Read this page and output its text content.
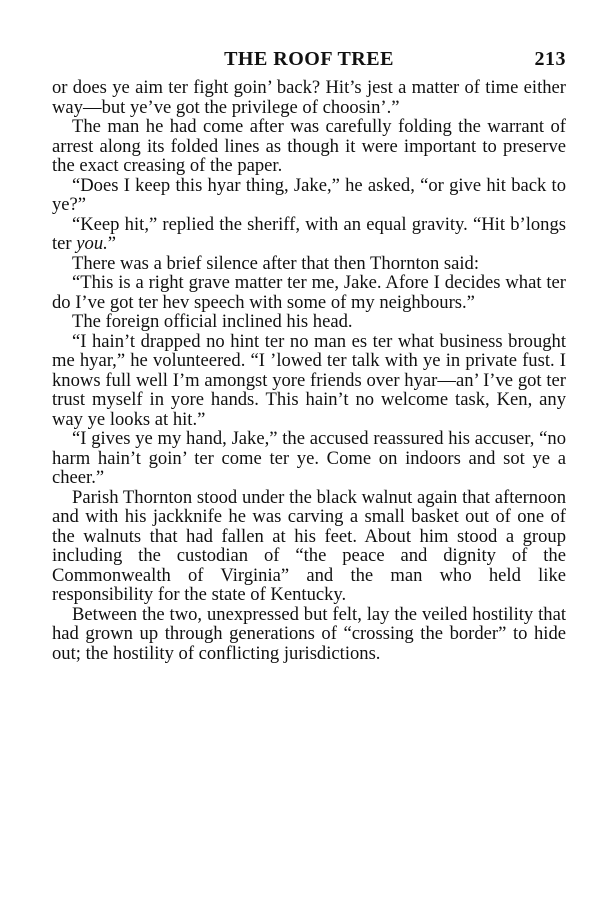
THE ROOF TREE	213

or does ye aim ter fight goin’ back? Hit’s jest a matter of time either way—but ye’ve got the privilege of choosin’.”

The man he had come after was carefully folding the warrant of arrest along its folded lines as though it were important to preserve the exact creasing of the paper.

“Does I keep this hyar thing, Jake,” he asked, “or give hit back to ye?”

“Keep hit,” replied the sheriff, with an equal gravity. “Hit b’longs ter you.”

There was a brief silence after that then Thornton said:

“This is a right grave matter ter me, Jake. Afore I decides what ter do I’ve got ter hev speech with some of my neighbours.”

The foreign official inclined his head.

“I hain’t drapped no hint ter no man es ter what business brought me hyar,” he volunteered. “I ’lowed ter talk with ye in private fust. I knows full well I’m amongst yore friends over hyar—an’ I’ve got ter trust myself in yore hands. This hain’t no welcome task, Ken, any way ye looks at hit.”

“I gives ye my hand, Jake,” the accused reassured his accuser, “no harm hain’t goin’ ter come ter ye. Come on indoors and sot ye a cheer.”

Parish Thornton stood under the black walnut again that afternoon and with his jackknife he was carving a small basket out of one of the walnuts that had fallen at his feet. About him stood a group including the custodian of “the peace and dignity of the Commonwealth of Virginia” and the man who held like responsibility for the state of Kentucky.

Between the two, unexpressed but felt, lay the veiled hostility that had grown up through generations of “crossing the border” to hide out; the hostility of conflicting jurisdictions.
